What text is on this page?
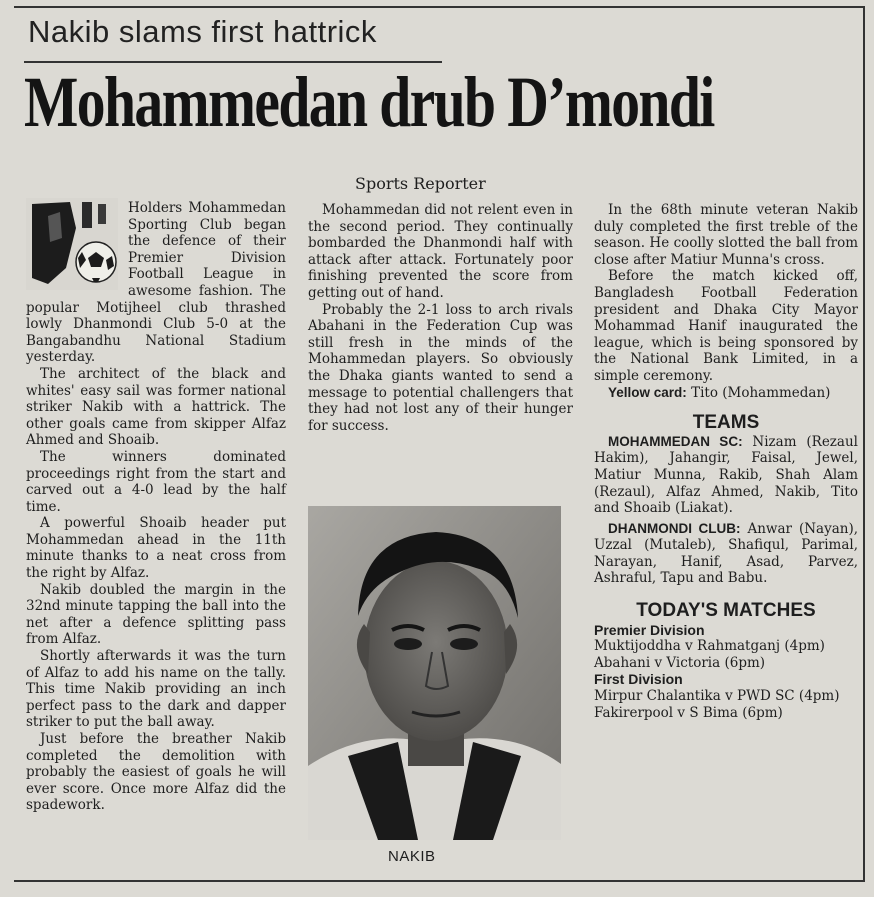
Nakib slams first hattrick
Mohammedan drub D’mondi
Sports Reporter

Holders Mohammedan Sporting Club began the defence of their Premier Division Football League in awesome fashion. The popular Motijheel club thrashed lowly Dhanmondi Club 5-0 at the Bangabandhu National Stadium yesterday.

The architect of the black and whites' easy sail was former national striker Nakib with a hattrick. The other goals came from skipper Alfaz Ahmed and Shoaib.

The winners dominated proceedings right from the start and carved out a 4-0 lead by the half time.

A powerful Shoaib header put Mohammedan ahead in the 11th minute thanks to a neat cross from the right by Alfaz.

Nakib doubled the margin in the 32nd minute tapping the ball into the net after a defence splitting pass from Alfaz.

Shortly afterwards it was the turn of Alfaz to add his name on the tally. This time Nakib providing an inch perfect pass to the dark and dapper striker to put the ball away.

Just before the breather Nakib completed the demolition with probably the easiest of goals he will ever score. Once more Alfaz did the spadework.

Mohammedan did not relent even in the second period. They continually bombarded the Dhanmondi half with attack after attack. Fortunately poor finishing prevented the score from getting out of hand.

Probably the 2-1 loss to arch rivals Abahani in the Federation Cup was still fresh in the minds of the Mohammedan players. So obviously the Dhaka giants wanted to send a message to potential challengers that they had not lost any of their hunger for success.

NAKIB

In the 68th minute veteran Nakib duly completed the first treble of the season. He coolly slotted the ball from close after Matiur Munna's cross.

Before the match kicked off, Bangladesh Football Federation president and Dhaka City Mayor Mohammad Hanif inaugurated the league, which is being sponsored by the National Bank Limited, in a simple ceremony.

Yellow card: Tito (Mohammedan)

TEAMS

MOHAMMEDAN SC: Nizam (Rezaul Hakim), Jahangir, Faisal, Jewel, Matiur Munna, Rakib, Shah Alam (Rezaul), Alfaz Ahmed, Nakib, Tito and Shoaib (Liakat).

DHANMONDI CLUB: Anwar (Nayan), Uzzal (Mutaleb), Shafiqul, Parimal, Narayan, Hanif, Asad, Parvez, Ashraful, Tapu and Babu.

TODAY'S MATCHES
Premier Division
Muktijoddha v Rahmatganj (4pm)
Abahani v Victoria (6pm)
First Division
Mirpur Chalantika v PWD SC (4pm)
Fakirerpool v S Bima (6pm)
